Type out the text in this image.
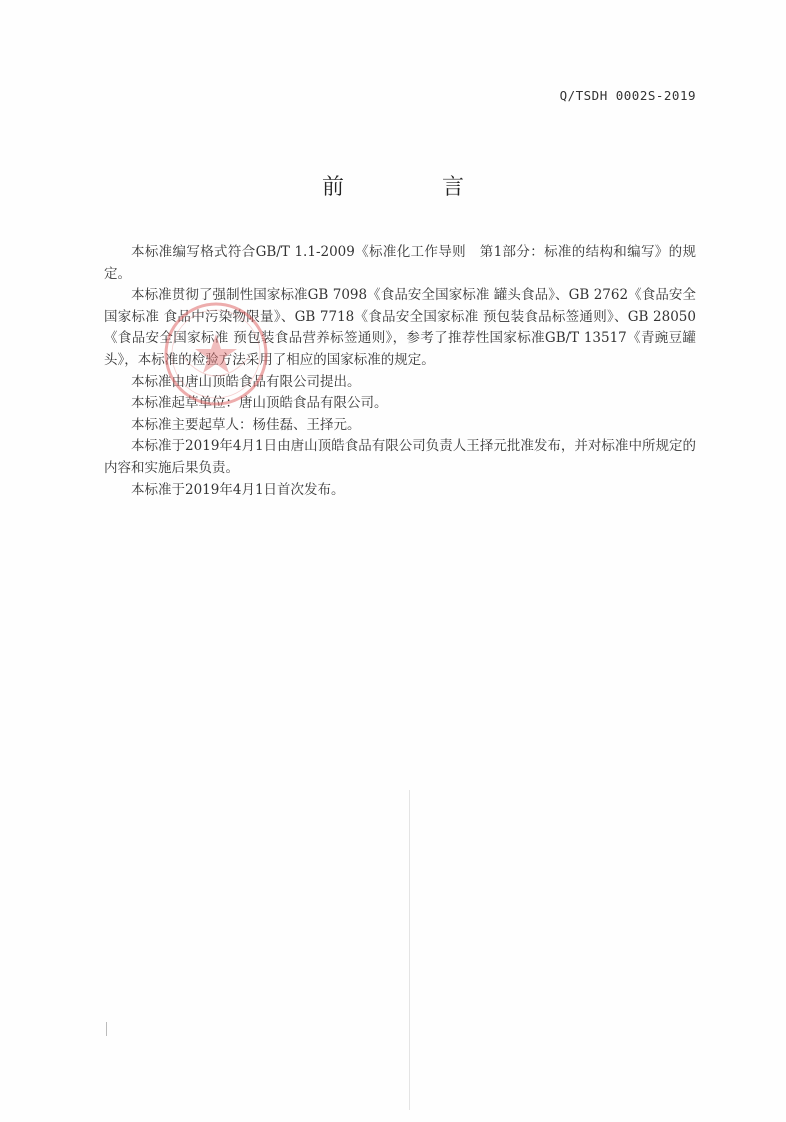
Q/TSDH 0002S-2019
前　言

本标准编写格式符合GB/T 1.1-2009《标准化工作导则　第1部分：标准的结构和编写》的规定。

本标准贯彻了强制性国家标准GB 7098《食品安全国家标准 罐头食品》、GB 2762《食品安全国家标准 食品中污染物限量》、GB 7718《食品安全国家标准 预包装食品标签通则》、GB 28050《食品安全国家标准 预包装食品营养标签通则》，参考了推荐性国家标准GB/T 13517《青豌豆罐头》，本标准的检验方法采用了相应的国家标准的规定。

本标准由唐山顶皓食品有限公司提出。

本标准起草单位：唐山顶皓食品有限公司。

本标准主要起草人：杨佳磊、王择元。

本标准于2019年4月1日由唐山顶皓食品有限公司负责人王择元批准发布，并对标准中所规定的内容和实施后果负责。

本标准于2019年4月1日首次发布。
